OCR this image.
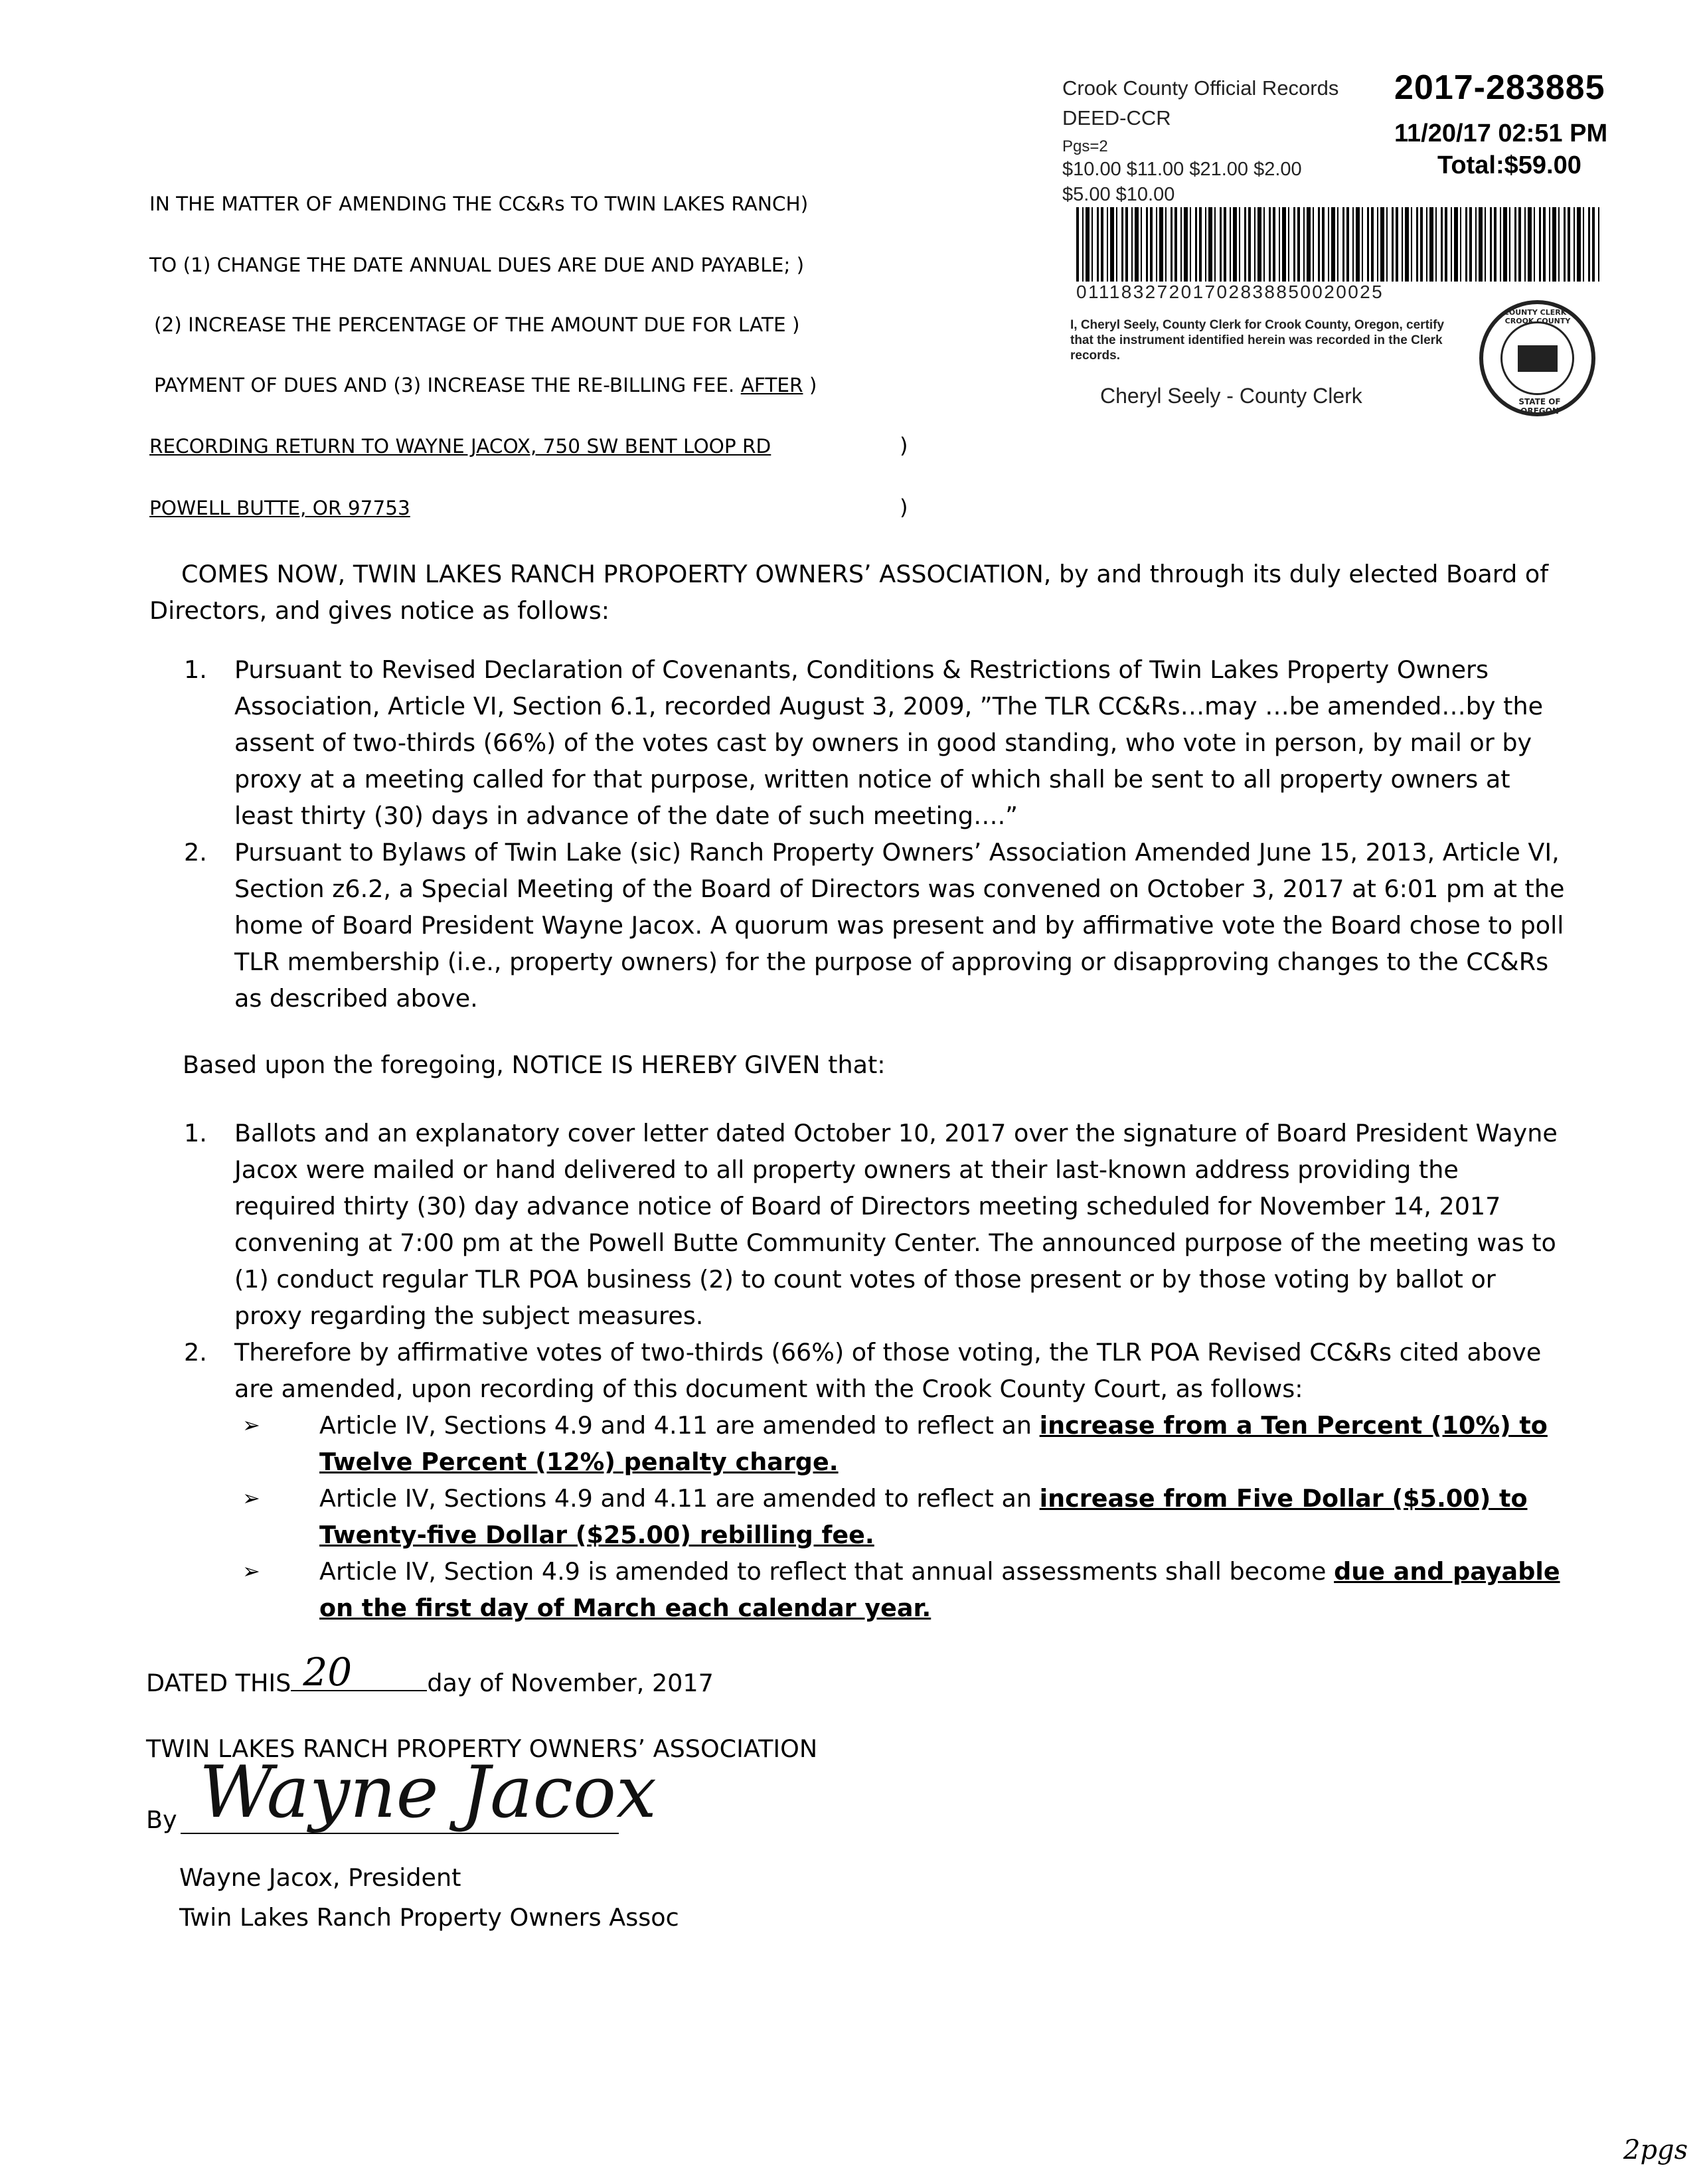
Crook County Official Records
DEED-CCR
Pgs=2
$10.00 $11.00 $21.00 $2.00
$5.00 $10.00
2017-283885
11/20/17 02:51 PM
Total:$59.00
01118327201702838850020025
I, Cheryl Seely, County Clerk for Crook County, Oregon, certify that the instrument identified herein was recorded in the Clerk records.
Cheryl Seely - County Clerk
COUNTY CLERK · CROOK COUNTY
STATE OF OREGON
IN THE MATTER OF AMENDING THE CC&Rs TO TWIN LAKES RANCH)
TO (1) CHANGE THE DATE ANNUAL DUES ARE DUE AND PAYABLE; )
(2) INCREASE THE PERCENTAGE OF THE AMOUNT DUE FOR LATE )
PAYMENT OF DUES AND (3) INCREASE THE RE-BILLING FEE. AFTER )
RECORDING RETURN TO WAYNE JACOX, 750 SW BENT LOOP RD	)
POWELL BUTTE, OR 97753	)

COMES NOW, TWIN LAKES RANCH PROPOERTY OWNERS’ ASSOCIATION, by and through its duly elected Board of Directors, and gives notice as follows:

1. Pursuant to Revised Declaration of Covenants, Conditions & Restrictions of Twin Lakes Property Owners Association, Article VI, Section 6.1, recorded August 3, 2009, ”The TLR CC&Rs…may …be amended…by the assent of two-thirds (66%) of the votes cast by owners in good standing, who vote in person, by mail or by proxy at a meeting called for that purpose, written notice of which shall be sent to all property owners at least thirty (30) days in advance of the date of such meeting….”
2. Pursuant to Bylaws of Twin Lake (sic) Ranch Property Owners’ Association Amended June 15, 2013, Article VI, Section z6.2, a Special Meeting of the Board of Directors was convened on October 3, 2017 at 6:01 pm at the home of Board President Wayne Jacox. A quorum was present and by affirmative vote the Board chose to poll TLR membership (i.e., property owners) for the purpose of approving or disapproving changes to the CC&Rs as described above.

Based upon the foregoing, NOTICE IS HEREBY GIVEN that:

1. Ballots and an explanatory cover letter dated October 10, 2017 over the signature of Board President Wayne Jacox were mailed or hand delivered to all property owners at their last-known address providing the required thirty (30) day advance notice of Board of Directors meeting scheduled for November 14, 2017 convening at 7:00 pm at the Powell Butte Community Center. The announced purpose of the meeting was to (1) conduct regular TLR POA business (2) to count votes of those present or by those voting by ballot or proxy regarding the subject measures.
2. Therefore by affirmative votes of two-thirds (66%) of those voting, the TLR POA Revised CC&Rs cited above are amended, upon recording of this document with the Crook County Court, as follows:
➢ Article IV, Sections 4.9 and 4.11 are amended to reflect an increase from a Ten Percent (10%) to Twelve Percent (12%) penalty charge.
➢ Article IV, Sections 4.9 and 4.11 are amended to reflect an increase from Five Dollar ($5.00) to Twenty-five Dollar ($25.00) rebilling fee.
➢ Article IV, Section 4.9 is amended to reflect that annual assessments shall become due and payable on the first day of March each calendar year.
DATED THIS 20	day of November, 2017
TWIN LAKES RANCH PROPERTY OWNERS’ ASSOCIATION
By Wayne Jacox
Wayne Jacox, President
Twin Lakes Ranch Property Owners Assoc
2pgs
